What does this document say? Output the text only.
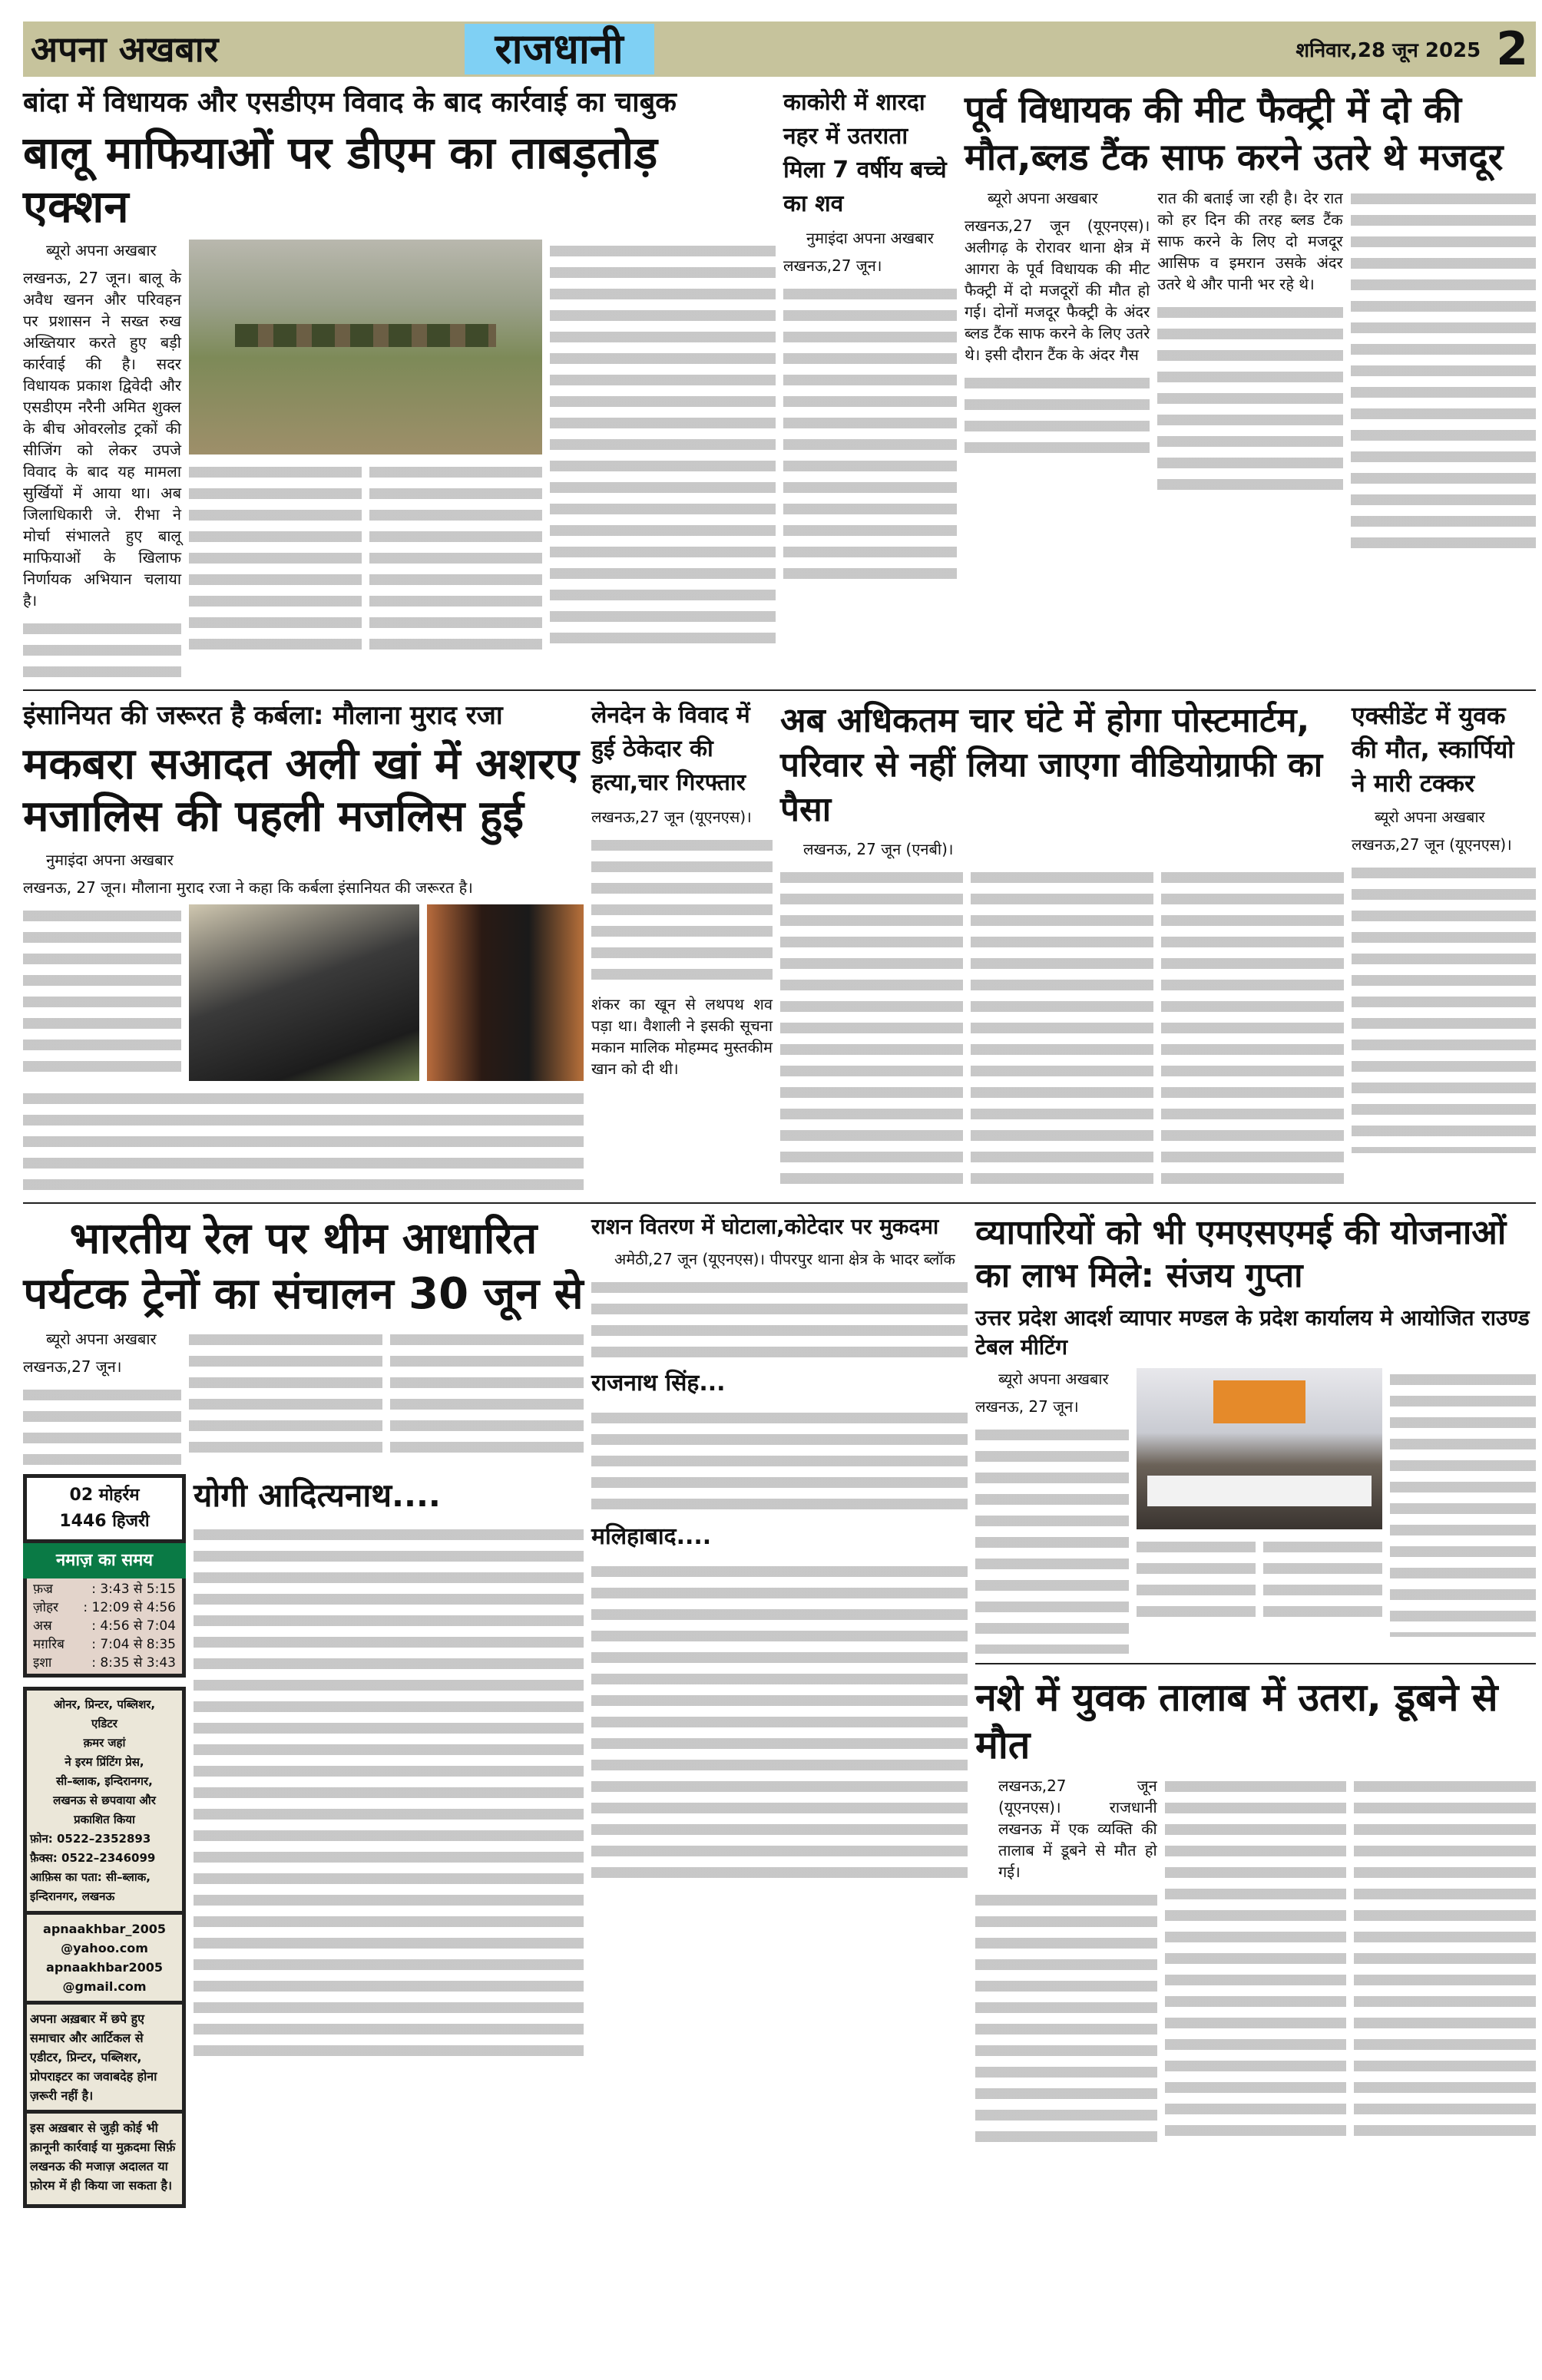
अपना अखबार	राजधानी	शनिवार,28 जून 2025 2
बांदा में विधायक और एसडीएम विवाद के बाद कार्रवाई का चाबुक
बालू माफियाओं पर डीएम का ताबड़तोड़ एक्शन
ब्यूरो अपना अखबार
लखनऊ, 27 जून। बालू के अवैध खनन और परिवहन पर प्रशासन ने सख्त रुख अख्तियार करते हुए बड़ी कार्रवाई की है। सदर विधायक प्रकाश द्विवेदी और एसडीएम नरैनी अमित शुक्ल के बीच ओवरलोड ट्रकों की सीजिंग को लेकर उपजे विवाद के बाद यह मामला सुर्खियों में आया था। अब जिलाधिकारी जे. रीभा ने मोर्चा संभालते हुए बालू माफियाओं के खिलाफ निर्णायक अभियान चलाया है।
काकोरी में शारदा नहर में उतराता मिला 7 वर्षीय बच्चे का शव
नुमाइंदा अपना अखबार
लखनऊ,27 जून।
पूर्व विधायक की मीट फैक्ट्री में दो की मौत,ब्लड टैंक साफ करने उतरे थे मजदूर
ब्यूरो अपना अखबार
लखनऊ,27 जून (यूएनएस)। अलीगढ़ के रोरावर थाना क्षेत्र में आगरा के पूर्व विधायक की मीट फैक्ट्री में दो मजदूरों की मौत हो गई। दोनों मजदूर फैक्ट्री के अंदर ब्लड टैंक साफ करने के लिए उतरे थे। इसी दौरान टैंक के अंदर गैस
रात की बताई जा रही है। देर रात को हर दिन की तरह ब्लड टैंक साफ करने के लिए दो मजदूर आसिफ व इमरान उसके अंदर उतरे थे और पानी भर रहे थे।
इंसानियत की जरूरत है कर्बला: मौलाना मुराद रजा
मकबरा सआदत अली खां में अशरए मजालिस की पहली मजलिस हुई
नुमाइंदा अपना अखबार
लखनऊ, 27 जून। मौलाना मुराद रजा ने कहा कि कर्बला इंसानियत की जरूरत है।
लेनदेन के विवाद में हुई ठेकेदार की हत्या,चार गिरफ्तार
लखनऊ,27 जून (यूएनएस)।
शंकर का खून से लथपथ शव पड़ा था। वैशाली ने इसकी सूचना मकान मालिक मोहम्मद मुस्तकीम खान को दी थी।
अब अधिकतम चार घंटे में होगा पोस्टमार्टम, परिवार से नहीं लिया जाएगा वीडियोग्राफी का पैसा
लखनऊ, 27 जून (एनबी)।
एक्सीडेंट में युवक की मौत, स्कार्पियो ने मारी टक्कर
ब्यूरो अपना अखबार
लखनऊ,27 जून (यूएनएस)।
भारतीय रेल पर थीम आधारित पर्यटक ट्रेनों का संचालन 30 जून से
ब्यूरो अपना अखबार
लखनऊ,27 जून।
02 मोहर्रम
1446 हिजरी
नमाज़ का समय
फ़ज्र	: 3:43 से 5:15
ज़ोहर : 12:09 से 4:56
अस्र	: 4:56 से 7:04
मग़रिब : 7:04 से 8:35
इशा	: 8:35 से 3:43
ओनर, प्रिन्टर, पब्लिशर,
एडिटर
क़मर जहां
ने इरम प्रिंटिंग प्रेस,
सी–ब्लाक, इन्दिरानगर,
लखनऊ से छपवाया और
प्रकाशित किया
फ़ोन: 0522–2352893
फ़ैक्स: 0522–2346099
आफ़िस का पता: सी–ब्लाक, इन्दिरानगर, लखनऊ
apnaakhbar_2005 @yahoo.com
apnaakhbar2005 @gmail.com
अपना अख़बार में छपे हुए समाचार और आर्टिकल से एडीटर, प्रिन्टर, पब्लिशर, प्रोपराइटर का जवाबदेह होना ज़रूरी नहीं है।
इस अख़बार से जुड़ी कोई भी क़ानूनी कार्रवाई या मुक़दमा सिर्फ़ लखनऊ की मजाज़ अदालत या फ़ोरम में ही किया जा सकता है।
योगी आदित्यनाथ....
राशन वितरण में घोटाला,कोटेदार पर मुकदमा
अमेठी,27 जून (यूएनएस)। पीपरपुर थाना क्षेत्र के भादर ब्लॉक
राजनाथ सिंह...
मलिहाबाद....
व्यापारियों को भी एमएसएमई की योजनाओं का लाभ मिले: संजय गुप्ता
उत्तर प्रदेश आदर्श व्यापार मण्डल के प्रदेश कार्यालय मे आयोजित राउण्ड टेबल मीटिंग
ब्यूरो अपना अखबार
लखनऊ, 27 जून।
नशे में युवक तालाब में उतरा, डूबने से मौत
लखनऊ,27 जून (यूएनएस)। राजधानी लखनऊ में एक व्यक्ति की तालाब में डूबने से मौत हो गई।
